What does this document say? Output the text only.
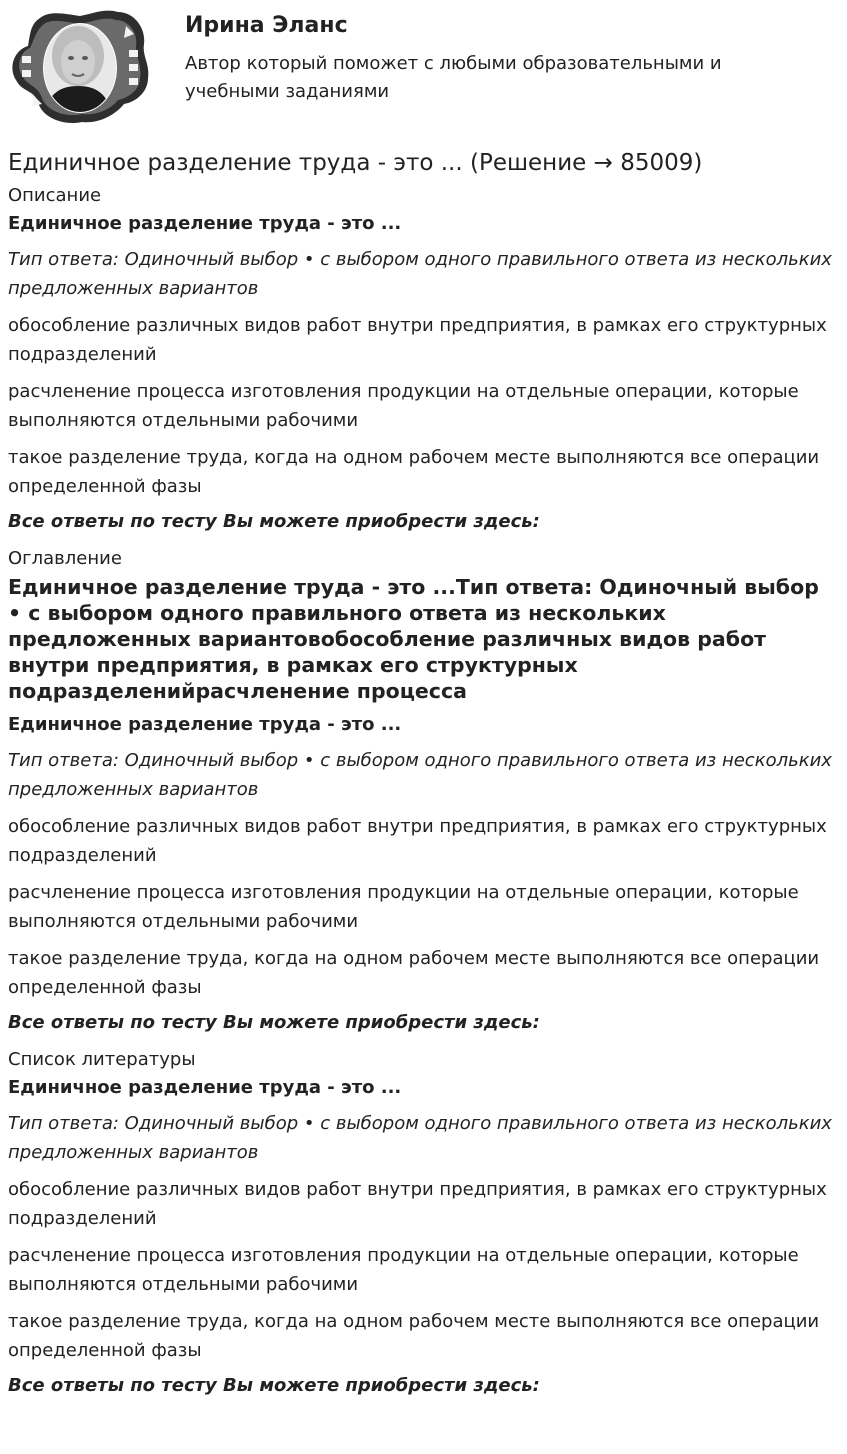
Ирина Эланс

Автор который поможет с любыми образовательными и учебными заданиями

Единичное разделение труда - это ... (Решение → 85009)
Описание
Единичное разделение труда - это ...

Тип ответа: Одиночный выбор • с выбором одного правильного ответа из нескольких предложенных вариантов

обособление различных видов работ внутри предприятия, в рамках его структурных подразделений

расчленение процесса изготовления продукции на отдельные операции, которые выполняются отдельными рабочими

такое разделение труда, когда на одном рабочем месте выполняются все операции определенной фазы

Все ответы по тесту Вы можете приобрести здесь:
Оглавление
Единичное разделение труда - это ...Тип ответа: Одиночный выбор • с выбором одного правильного ответа из нескольких предложенных вариантовобособление различных видов работ внутри предприятия, в рамках его структурных подразделенийрасчленение процесса
Единичное разделение труда - это ...

Тип ответа: Одиночный выбор • с выбором одного правильного ответа из нескольких предложенных вариантов

обособление различных видов работ внутри предприятия, в рамках его структурных подразделений

расчленение процесса изготовления продукции на отдельные операции, которые выполняются отдельными рабочими

такое разделение труда, когда на одном рабочем месте выполняются все операции определенной фазы

Все ответы по тесту Вы можете приобрести здесь:
Список литературы
Единичное разделение труда - это ...

Тип ответа: Одиночный выбор • с выбором одного правильного ответа из нескольких предложенных вариантов

обособление различных видов работ внутри предприятия, в рамках его структурных подразделений

расчленение процесса изготовления продукции на отдельные операции, которые выполняются отдельными рабочими

такое разделение труда, когда на одном рабочем месте выполняются все операции определенной фазы

Все ответы по тесту Вы можете приобрести здесь:
